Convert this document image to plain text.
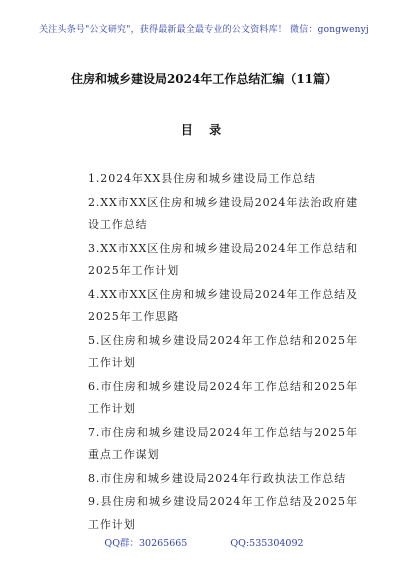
关注头条号"公文研究"，获得最新最全最专业的公文资料库！ 微信：gongwenyj
住房和城乡建设局2024年工作总结汇编（11篇）
目 录
1.2024年XX县住房和城乡建设局工作总结
2.XX市XX区住房和城乡建设局2024年法治政府建设工作总结
3.XX市XX区住房和城乡建设局2024年工作总结和2025年工作计划
4.XX市XX区住房和城乡建设局2024年工作总结及2025年工作思路
5.区住房和城乡建设局2024年工作总结和2025年工作计划
6.市住房和城乡建设局2024年工作总结和2025年工作计划
7.市住房和城乡建设局2024年工作总结与2025年重点工作谋划
8.市住房和城乡建设局2024年行政执法工作总结
9.县住房和城乡建设局2024年工作总结及2025年工作计划
QQ群：30265665	QQ:535304092
